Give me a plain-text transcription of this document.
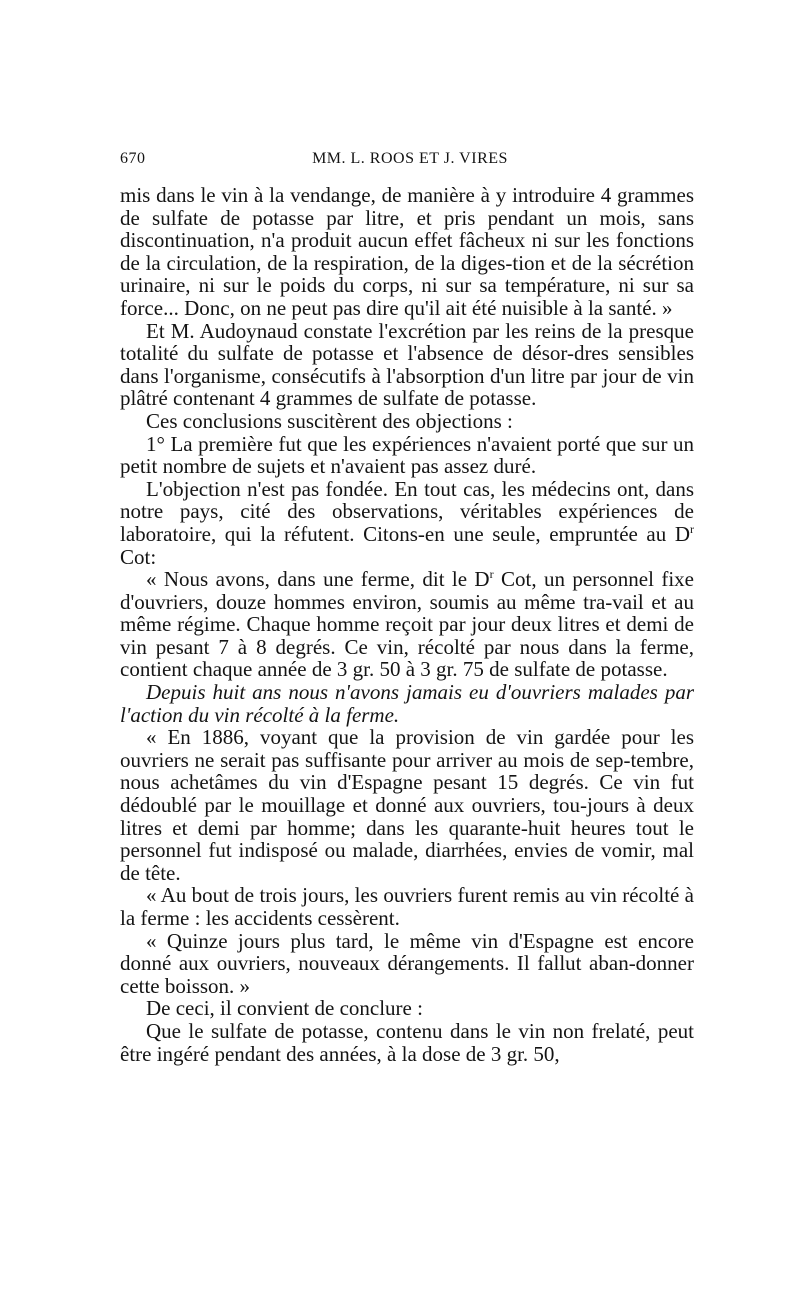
670	MM. L. ROOS ET J. VIRES

mis dans le vin à la vendange, de manière à y introduire 4 grammes de sulfate de potasse par litre, et pris pendant un mois, sans discontinuation, n'a produit aucun effet fâcheux ni sur les fonctions de la circulation, de la respiration, de la diges-tion et de la sécrétion urinaire, ni sur le poids du corps, ni sur sa température, ni sur sa force... Donc, on ne peut pas dire qu'il ait été nuisible à la santé. »

Et M. Audoynaud constate l'excrétion par les reins de la presque totalité du sulfate de potasse et l'absence de désor-dres sensibles dans l'organisme, consécutifs à l'absorption d'un litre par jour de vin plâtré contenant 4 grammes de sulfate de potasse.

Ces conclusions suscitèrent des objections :

1° La première fut que les expériences n'avaient porté que sur un petit nombre de sujets et n'avaient pas assez duré.

L'objection n'est pas fondée. En tout cas, les médecins ont, dans notre pays, cité des observations, véritables expériences de laboratoire, qui la réfutent. Citons-en une seule, empruntée au $D^r$ Cot:

« Nous avons, dans une ferme, dit le $D^r$ Cot, un personnel fixe d'ouvriers, douze hommes environ, soumis au même tra-vail et au même régime. Chaque homme reçoit par jour deux litres et demi de vin pesant 7 à 8 degrés. Ce vin, récolté par nous dans la ferme, contient chaque année de 3 gr. 50 à 3 gr. 75 de sulfate de potasse.

Depuis huit ans nous n'avons jamais eu d'ouvriers malades par l'action du vin récolté à la ferme.

« En 1886, voyant que la provision de vin gardée pour les ouvriers ne serait pas suffisante pour arriver au mois de sep-tembre, nous achetâmes du vin d'Espagne pesant 15 degrés. Ce vin fut dédoublé par le mouillage et donné aux ouvriers, tou-jours à deux litres et demi par homme; dans les quarante-huit heures tout le personnel fut indisposé ou malade, diarrhées, envies de vomir, mal de tête.

« Au bout de trois jours, les ouvriers furent remis au vin récolté à la ferme : les accidents cessèrent.

« Quinze jours plus tard, le même vin d'Espagne est encore donné aux ouvriers, nouveaux dérangements. Il fallut aban-donner cette boisson. »

De ceci, il convient de conclure :

Que le sulfate de potasse, contenu dans le vin non frelaté, peut être ingéré pendant des années, à la dose de 3 gr. 50,
